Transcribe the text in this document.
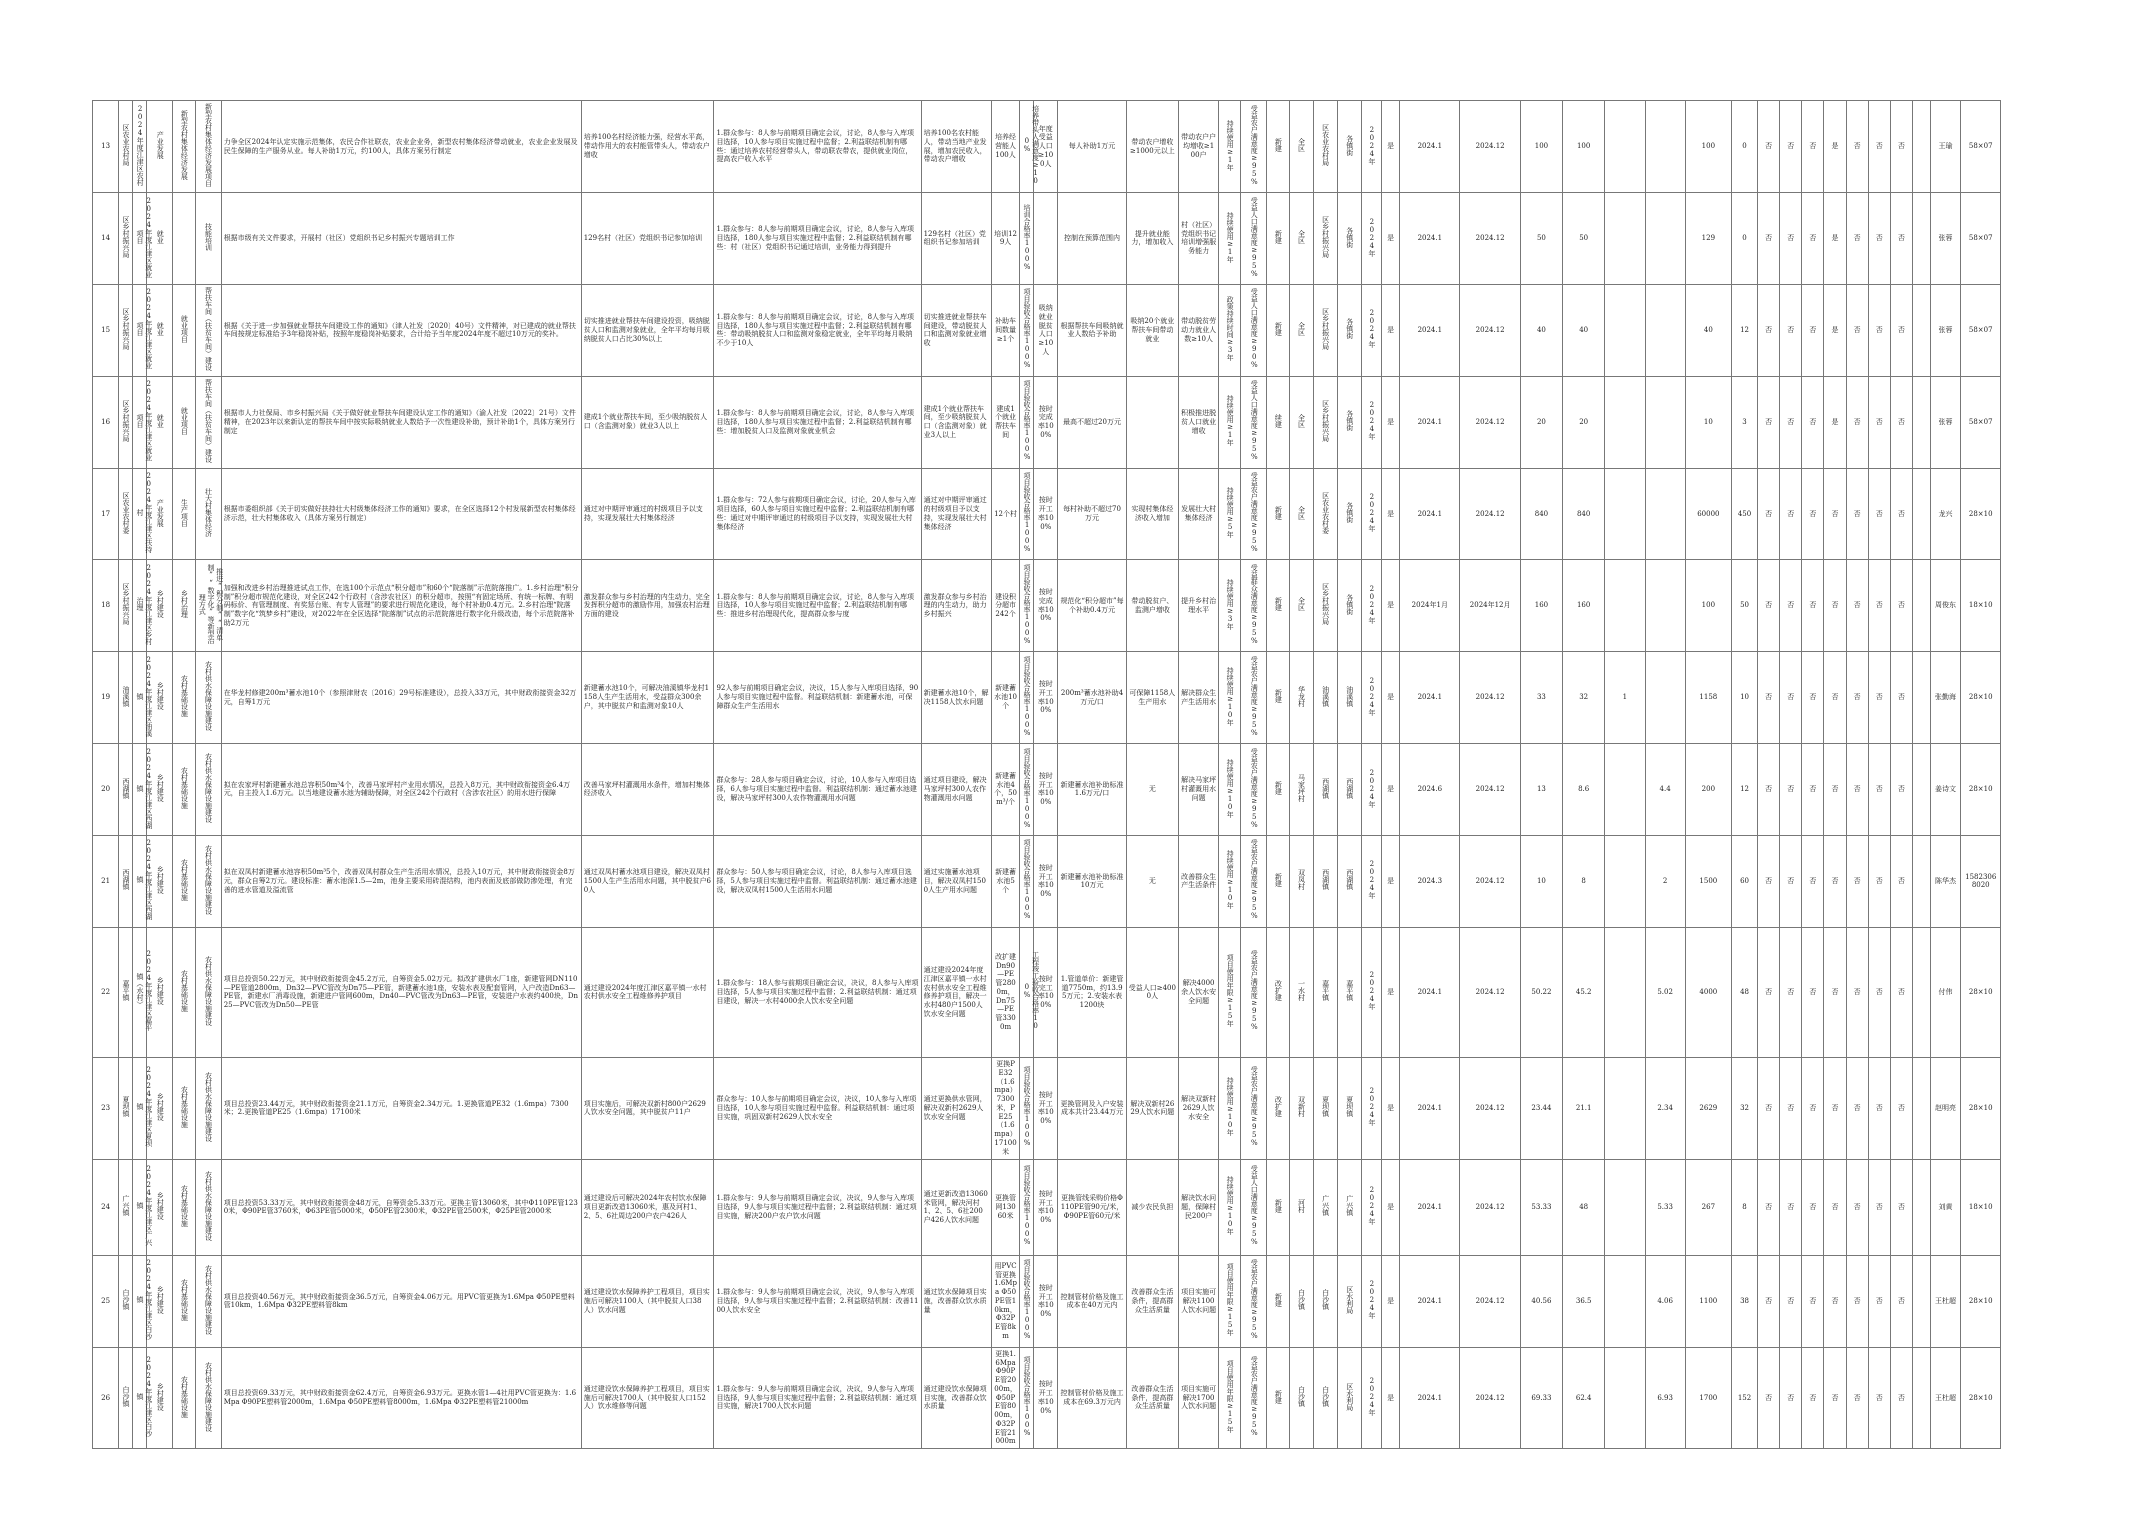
13	区农业农村局	2024年度江津区农村	产业发展	新型农村集体经济发展	新型农村集体经济发展项目	力争全区2024年认定实施示范集体，农民合作社联农，农业企业务，新型农村集体经济带动就业，农业企业发展及民生保障的生产服务从业。每人补助1万元，约100人，具体方案另行制定	培养100名村经济能力强，经营水平高，带动作用大的农村能管带头人，带动农户增收	1.群众参与：8人参与前期项目确定会议，讨论，8人参与入库项目选择，10人参与项目实施过程中监督；2.利益联结机制有哪些：通过培养农村经营带头人，带动联农带农，提供就业岗位，提高农户收入水平	培养100名农村能人，带动当地产业发展，增加农民收入，带动农户增收	培养经营能人100人	培养带头人满意度≥100%	年度受益人口≥100人	每人补助1万元	带动农户增收≥1000元以上	带动农户户均增收≥100户	持续使用≥1年	受益农户满意度≥95%	新建	全区	区农业农村局	各镇街	2024年	是	2024.1	2024.12	100	100			100	0	否	否	否	是	否	否	否		王瑜	58×07
14	区乡村振兴局	2024年度江津区就业项目	就业		技能培训	根据市级有关文件要求，开展村（社区）党组织书记乡村振兴专题培训工作	129名村（社区）党组织书记参加培训	1.群众参与：8人参与前期项目确定会议，讨论，8人参与入库项目选择，180人参与项目实施过程中监督；2.利益联结机制有哪些：村（社区）党组织书记通过培训，业务能力得到提升	129名村（社区）党组织书记参加培训	培训129人	培训合格率100%		控制在预算范围内	提升就业能力，增加收入	村（社区）党组织书记培训增强服务能力	持续使用≥1年	受益人口满意度≥95%	新建	全区	区乡村振兴局	各镇街	2024年	是	2024.1	2024.12	50	50			129	0	否	否	否	是	否	否	否		张蓉	58×07
15	区乡村振兴局	2024年度江津区就业项目	就业	就业项目	帮扶车间（扶贫车间）建设	根据《关于进一步加强就业帮扶车间建设工作的通知》（津人社发〔2020〕40号）文件精神，对已建成的就业帮扶车间按规定标准给予3年稳岗补贴，按照年度稳岗补贴要求，合计给予当年度2024年度不超过10万元的奖补。	切实推进就业帮扶车间建设投资，吸纳脱贫人口和监测对象就业，全年平均每月吸纳脱贫人口占比30%以上	1.群众参与：8人参与前期项目确定会议，讨论，8人参与入库项目选择，180人参与项目实施过程中监督；2.利益联结机制有哪些：带动吸纳脱贫人口和监测对象稳定就业，全年平均每月吸纳不少于10人	切实推进就业帮扶车间建设，带动脱贫人口和监测对象就业增收	补助车间数量≥1个	项目验收合格率100%	吸纳就业脱贫人口≥10人	根据帮扶车间吸纳就业人数给予补助	吸纳20个就业帮扶车间带动就业	带动脱贫劳动力就业人数≥10人	政策持续时间≥3年	受益人口满意度≥90%	新建	全区	区乡村振兴局	各镇街	2024年	是	2024.1	2024.12	40	40			40	12	否	否	否	是	否	否	否		张蓉	58×07
16	区乡村振兴局	2024年度江津区就业项目	就业	就业项目	帮扶车间（扶贫车间）建设	根据市人力社保局、市乡村振兴局《关于做好就业帮扶车间建设认定工作的通知》（渝人社发〔2022〕21号）文件精神，在2023年以来新认定的帮扶车间中按实际吸纳就业人数给予一次性建设补助，预计补助1个，具体方案另行制定	建成1个就业帮扶车间，至少吸纳脱贫人口（含监测对象）就业3人以上	1.群众参与：8人参与前期项目确定会议，讨论，8人参与入库项目选择，180人参与项目实施过程中监督；2.利益联结机制有哪些：增加脱贫人口及监测对象就业机会	建成1个就业帮扶车间，至少吸纳脱贫人口（含监测对象）就业3人以上	建成1个就业帮扶车间	项目验收合格率100%	按时完成率100%	最高不超过20万元		积极推进脱贫人口就业增收	持续使用≥1年	受益人口满意度≥95%	续建	全区	区乡村振兴局	各镇街	2024年	是	2024.1	2024.12	20	20			10	3	否	否	否	是	否	否	否		张蓉	58×07
17	区农业农村委	2024年度江津区扶持村	产业发展	生产项目	壮大村集体经济	根据市委组织部《关于切实做好扶持壮大村级集体经济工作的通知》要求，在全区选择12个村发展新型农村集体经济示范，壮大村集体收入（具体方案另行制定）	通过对中期评审通过的村级项目予以支持，实现发展壮大村集体经济	1.群众参与：72人参与前期项目确定会议，讨论，20人参与入库项目选择，60人参与项目实施过程中监督；2.利益联结机制有哪些：通过对中期评审通过的村级项目予以支持，实现发展壮大村集体经济	通过对中期评审通过的村级项目予以支持，实现发展壮大村集体经济	12个村	项目验收合格率100%	按时开工率100%	每村补助不超过70万元	实现村集体经济收入增加	发展壮大村集体经济	持续使用≥5年	受益农户满意度≥95%	新建	全区	区农业农村委	各镇街	2024年	是	2024.1	2024.12	840	840			60000	450	否	否	否	否	否	否	否		龙兴	28×10
18	区乡村振兴局	2024年度江津区乡村治理	乡村建设	乡村治理	推进“积分制”“清单制”“数字化”等新型治理方式	加强和改进乡村治理推进试点工作，在选100个示范点“积分超市”和60个“院落制”示范院落推广。1.乡村治理“积分制”积分超市规范化建设，对全区242个行政村（含涉农社区）的积分超市，按照“有固定场所、有统一标牌、有明码标价、有管理制度、有奖惩台账、有专人管理”的要求进行规范化建设，每个村补助0.4万元。2.乡村治理“院落制”数字化“筑梦乡村”建设，对2022年在全区选择“院落制”试点的示范院落进行数字化升级改造，每个示范院落补助2万元	激发群众参与乡村治理的内生动力，完全发挥积分超市的激励作用，加强农村治理方面的建设	1.群众参与：8人参与前期项目确定会议，讨论，8人参与入库项目选择，10人参与项目实施过程中监督；2.利益联结机制有哪些：推进乡村治理现代化，提高群众参与度	激发群众参与乡村治理的内生动力，助力乡村振兴	建设积分超市242个	项目验收合格率100%	按时完成率100%	规范化“积分超市”每个补助0.4万元	带动脱贫户、监测户增收	提升乡村治理水平	持续使用≥3年	受益群众满意度≥95%	新建	全区	区乡村振兴局	各镇街	2024年	是	2024年1月	2024年12月	160	160			100	50	否	否	否	否	否	否	否		周俊东	18×10
19	油溪镇	2024年度江津区油溪镇	乡村建设	农村基础设施	农村供水保障设施建设	在华龙村修建200m³蓄水池10个（参照津财农〔2016〕29号标准建设），总投入33万元，其中财政衔接资金32万元，自筹1万元	新建蓄水池10个，可解决油溪镇华龙村1158人生产生活用水，受益群众300余户，其中脱贫户和监测对象10人	92人参与前期项目确定会议，决议，15人参与入库项目选择，90人参与项目实施过程中监督。利益联结机制：新建蓄水池，可保障群众生产生活用水	新建蓄水池10个，解决1158人饮水问题	新建蓄水池10个	项目验收合格率100%	按时开工率100%	200m³蓄水池补助4万元/口	可保障1158人生产用水	解决群众生产生活用水	持续使用≥10年	受益农户满意度≥95%	新建	华龙村	油溪镇	油溪镇	2024年	是	2024.1	2024.12	33	32	1		1158	10	否	否	否	否	否	否	否		张勤海	28×10
20	西湖镇	2024年度江津区西湖镇	乡村建设	农村基础设施	农村供水保障设施建设	拟在农家坪村新建蓄水池总容积50m³4个，改善马家坪村产业用水情况，总投入8万元，其中财政衔接资金6.4万元，自主投入1.6万元。以当地建设蓄水池为辅助保障，对全区242个行政村（含涉农社区）的用水进行保障	改善马家坪村灌溉用水条件，增加村集体经济收入	群众参与：28人参与项目确定会议，讨论，10人参与入库项目选择，6人参与项目实施过程中监督。利益联结机制：通过蓄水池建设，解决马家坪村300人农作物灌溉用水问题	通过项目建设，解决马家坪村300人农作物灌溉用水问题	新建蓄水池4个，50m³/个	项目验收合格率100%	按时开工率100%	新建蓄水池补助标准1.6万元/口	无	解决马家坪村灌溉用水问题	持续使用≥10年	受益农户满意度≥95%	新建	马家坪村	西湖镇	西湖镇	2024年	是	2024.6	2024.12	13	8.6		4.4	200	12	否	否	否	否	否	否	否		姜诗文	28×10
21	西湖镇	2024年度江津区西湖镇	乡村建设	农村基础设施	农村供水保障设施建设	拟在双凤村新建蓄水池容积50m³5个，改善双凤村群众生产生活用水情况，总投入10万元，其中财政衔接资金8万元，群众自筹2万元。建设标准：蓄水池深1.5—2m，池身主要采用砖混结构，池内表面及底部做防渗处理，有完善的进水管道及溢流管	通过双凤村蓄水池项目建设，解决双凤村1500人生产生活用水问题，其中脱贫户60人	群众参与：50人参与项目确定会议，讨论，8人参与入库项目选择，5人参与项目实施过程中监督。利益联结机制：通过蓄水池建设，解决双凤村1500人生活用水问题	通过实施蓄水池项目，解决双凤村1500人生产用水问题	新建蓄水池5个	项目验收合格率100%	按时开工率100%	新建蓄水池补助标准10万元	无	改善群众生产生活条件	持续使用≥10年	受益农户满意度≥95%	新建	双凤村	西湖镇	西湖镇	2024年	是	2024.3	2024.12	10	8		2	1500	60	否	否	否	否	否	否	否		陈华杰	15823068020
22	嘉平镇	2024年度江津区嘉平镇（水村）	乡村建设	农村基础设施	农村供水保障设施建设	项目总投资50.22万元，其中财政衔接资金45.2万元，自筹资金5.02万元。拟改扩建供水厂1座，新建管网DN110—PE管道2800m，Dn32—PVC管改为Dn75—PE管，新建蓄水池1座，安装水表及配套管网，入户改造Dn63—PE管，新建水厂消毒设施，新建进户管网600m，Dn40—PVC管改为Dn63—PE管，安装进户水表约400块，Dn25—PVC管改为Dn50—PE管	通过建设2024年度江津区嘉平镇一水村农村供水安全工程维修养护项目	1.群众参与：18人参与前期项目确定会议，决议，8人参与入库项目选择，5人参与项目实施过程中监督；2.利益联结机制：通过项目建设，解决一水村4000余人饮水安全问题	通过建设2024年度江津区嘉平镇一水村农村供水安全工程维修养护项目，解决一水村480户1500人饮水安全问题	改扩建Dn90—PE管2800m，Dn75—PE管3300m	工程竣工验收合格率100%	按时完工率100%	1.管道单价：新建管道7750m，约13.95万元；2.安装水表1200块	受益人口≥4000人	解决4000余人饮水安全问题	项目使用年限≥15年	受益农户满意度≥95%	改扩建	一水村	嘉平镇	嘉平镇	2024年	是	2024.1	2024.12	50.22	45.2		5.02	4000	48	否	否	否	否	否	否	否		付伟	28×10
23	夏坝镇	2024年度江津区夏坝镇	乡村建设	农村基础设施	农村供水保障设施建设	项目总投资23.44万元，其中财政衔接资金21.1万元，自筹资金2.34万元。1.更换管道PE32（1.6mpa）7300米；2.更换管道PE25（1.6mpa）17100米	项目实施后，可解决双新村800户2629人饮水安全问题，其中脱贫户11户	群众参与：10人参与前期项目确定会议，决议，10人参与入库项目选择，10人参与项目实施过程中监督。利益联结机制：通过项目实施，巩固双新村2629人饮水安全	通过更换供水管网，解决双新村2629人饮水安全问题	更换PE32（1.6mpa）7300米，PE25（1.6mpa）17100米	项目验收合格率100%	按时开工率100%	更换管网及入户安装成本共计23.44万元	解决双新村2629人饮水问题	解决双新村2629人饮水安全	持续使用≥10年	受益农户满意度≥95%	改扩建	双新村	夏坝镇	夏坝镇	2024年	是	2024.1	2024.12	23.44	21.1		2.34	2629	32	否	否	否	否	否	否	否		赵明亮	28×10
24	广兴镇	2024年度江津区广兴镇	乡村建设	农村基础设施	农村供水保障设施建设	项目总投资53.33万元，其中财政衔接资金48万元，自筹资金5.33万元。更换主管13060米，其中Φ110PE管1230米，Φ90PE管3760米，Φ63PE管5000米，Φ50PE管2300米，Φ32PE管2500米，Φ25PE管2000米	通过建设后可解决2024年农村饮水保障项目更新改造13060米，惠及河村1、2、5、6社周边200户农户426人	1.群众参与：9人参与前期项目确定会议，决议，9人参与入库项目选择，9人参与项目实施过程中监督；2.利益联结机制：通过项目实施，解决200户农户饮水问题	通过更新改造13060米管网，解决河村1、2、5、6社200户426人饮水问题	更换管网13060米	项目验收合格率100%	按时开工率100%	更换管线采购价格Φ110PE管90元/米，Φ90PE管60元/米	减少农民负担	解决饮水问题，保障村民200户	持续使用≥10年	受益人口满意度≥95%	新建	河村	广兴镇	广兴镇	2024年	是	2024.1	2024.12	53.33	48		5.33	267	8	否	否	否	否	否	否	否		刘黄	18×10
25	白沙镇	2024年度江津区白沙镇	乡村建设	农村基础设施	农村供水保障设施建设	项目总投资40.56万元，其中财政衔接资金36.5万元，自筹资金4.06万元。用PVC管更换为1.6Mpa Φ50PE塑料管10km，1.6Mpa Φ32PE塑料管8km	通过建设饮水保障养护工程项目，项目实施后可解决1100人（其中脱贫人口38人）饮水问题	1.群众参与：9人参与前期项目确定会议，决议，9人参与入库项目选择，9人参与项目实施过程中监督；2.利益联结机制：改善1100人饮水安全	通过饮水保障项目实施，改善群众饮水质量	用PVC管更换1.6Mpa Φ50PE管10km，Φ32PE管8km	项目验收合格率100%	按时开工率100%	控制管材价格及施工成本在40万元内	改善群众生活条件，提高群众生活质量	项目实施可解决1100人饮水问题	项目使用年限≥15年	受益农户满意度≥95%	新建	白沙镇	白沙镇	区水利局	2024年	是	2024.1	2024.12	40.56	36.5		4.06	1100	38	否	否	否	否	否	否	否		王杜超	28×10
26	白沙镇	2024年度江津区白沙镇	乡村建设	农村基础设施	农村供水保障设施建设	项目总投资69.33万元，其中财政衔接资金62.4万元，自筹资金6.93万元。更换水管1—4社用PVC管更换为：1.6Mpa Φ90PE塑料管2000m，1.6Mpa Φ50PE塑料管8000m，1.6Mpa Φ32PE塑料管21000m	通过建设饮水保障养护工程项目，项目实施后可解决1700人（其中脱贫人口152人）饮水维修等问题	1.群众参与：9人参与前期项目确定会议，决议，9人参与入库项目选择，9人参与项目实施过程中监督；2.利益联结机制：通过项目实施，解决1700人饮水问题	通过建设饮水保障项目实施，改善群众饮水质量	更换1.6Mpa Φ90PE管2000m，Φ50PE管8000m，Φ32PE管21000m	项目验收合格率100%	按时开工率100%	控制管材价格及施工成本在69.3万元内	改善群众生活条件，提高群众生活质量	项目实施可解决1700人饮水问题	项目使用年限≥15年	受益农户满意度≥95%	新建	白沙镇	白沙镇	区水利局	2024年	是	2024.1	2024.12	69.33	62.4		6.93	1700	152	否	否	否	否	否	否	否		王杜超	28×10
